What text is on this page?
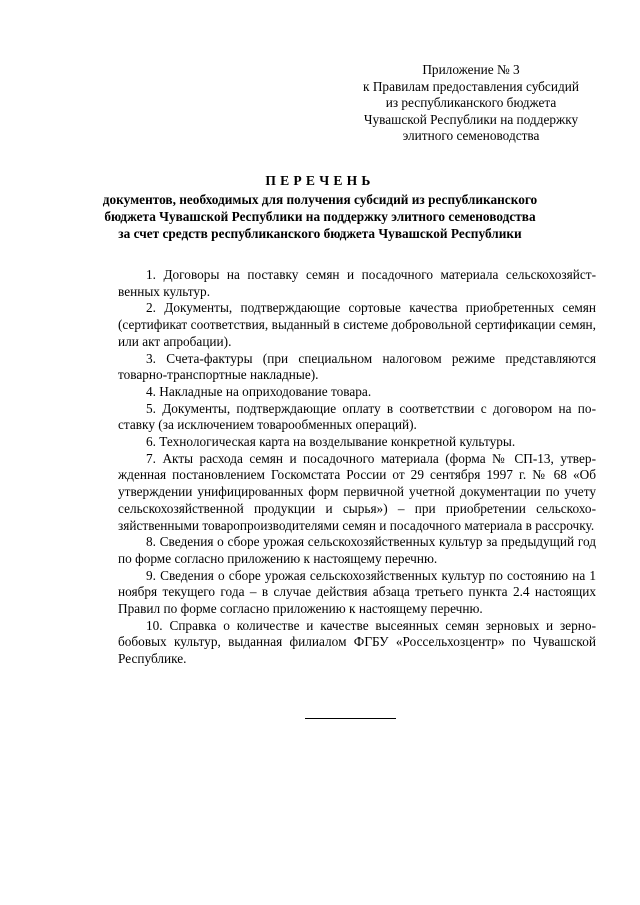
Приложение № 3
к Правилам предоставления субсидий
из республиканского бюджета
Чувашской Республики на поддержку
элитного семеноводства
ПЕРЕЧЕНЬ
документов, необходимых для получения субсидий из республиканского
бюджета Чувашской Республики на поддержку элитного семеноводства
за счет средств республиканского бюджета Чувашской Республики

1. Договоры на поставку семян и посадочного материала сельскохозяйственных культур.

2. Документы, подтверждающие сортовые качества приобретенных семян (сертификат соответствия, выданный в системе добровольной сертификации семян, или акт апробации).

3. Счета-фактуры (при специальном налоговом режиме представляются товарно-транспортные накладные).

4. Накладные на оприходование товара.

5. Документы, подтверждающие оплату в соответствии с договором на поставку (за исключением товарообменных операций).

6. Технологическая карта на возделывание конкретной культуры.

7. Акты расхода семян и посадочного материала (форма № СП-13, утвержденная постановлением Госкомстата России от 29 сентября 1997 г. № 68 «Об утверждении унифицированных форм первичной учетной документации по учету сельскохозяйственной продукции и сырья») – при приобретении сельскохозяйственными товаропроизводителями семян и посадочного материала в рассрочку.

8. Сведения о сборе урожая сельскохозяйственных культур за предыдущий год по форме согласно приложению к настоящему перечню.

9. Сведения о сборе урожая сельскохозяйственных культур по состоянию на 1 ноября текущего года – в случае действия абзаца третьего пункта 2.4 настоящих Правил по форме согласно приложению к настоящему перечню.

10. Справка о количестве и качестве высеянных семян зерновых и зернобобовых культур, выданная филиалом ФГБУ «Россельхозцентр» по Чувашской Республике.
